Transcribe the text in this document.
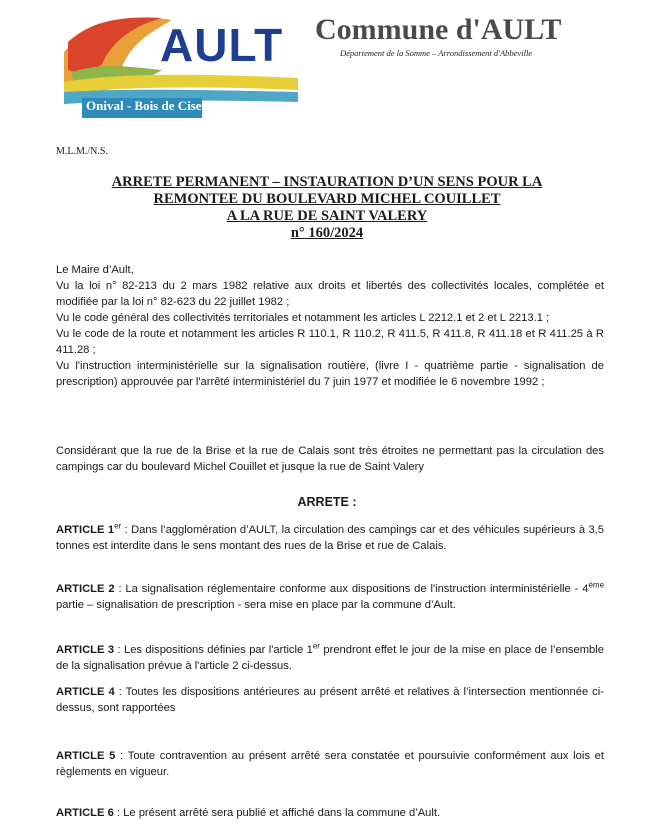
AULT
Onival - Bois de Cise
Commune d'AULT
Département de la Somme – Arrondissement d'Abbeville
M.L.M./N.S.
ARRETE PERMANENT – INSTAURATION D’UN SENS POUR LA
REMONTEE DU BOULEVARD MICHEL COUILLET
A LA RUE DE SAINT VALERY
n° 160/2024

Le Maire d’Ault,

Vu la loi n° 82-213 du 2 mars 1982 relative aux droits et libertés des collectivités locales, complétée et modifiée par la loi n° 82-623 du 22 juillet 1982 ;

Vu le code général des collectivités territoriales et notamment les articles L 2212.1 et 2 et L 2213.1 ;

Vu le code de la route et notamment les articles R 110.1, R 110.2, R 411.5, R 411.8, R 411.18 et R 411.25 à R 411.28 ;

Vu l'instruction interministérielle sur la signalisation routière, (livre I - quatrième partie - signalisation de prescription) approuvée par l'arrêté interministériel du 7 juin 1977 et modifiée le 6 novembre 1992 ;

Considérant que la rue de la Brise et la rue de Calais sont très étroites ne permettant pas la circulation des campings car du boulevard Michel Couillet et jusque la rue de Saint Valery
ARRETE :
ARTICLE 1er : Dans l’agglomération d’AULT, la circulation des campings car et des véhicules supérieurs à 3,5 tonnes est interdite dans le sens montant des rues de la Brise et rue de Calais.
ARTICLE 2 : La signalisation réglementaire conforme aux dispositions de l'instruction interministérielle - 4ème partie – signalisation de prescription - sera mise en place par la commune d’Ault.
ARTICLE 3 : Les dispositions définies par l'article 1er prendront effet le jour de la mise en place de l’ensemble de la signalisation prévue à l'article 2 ci-dessus.
ARTICLE 4 : Toutes les dispositions antérieures au présent arrêté et relatives à l’intersection mentionnée ci-dessus, sont rapportées
ARTICLE 5 : Toute contravention au présent arrêté sera constatée et poursuivie conformément aux lois et règlements en vigueur.
ARTICLE 6 : Le présent arrêté sera publié et affiché dans la commune d’Ault.
